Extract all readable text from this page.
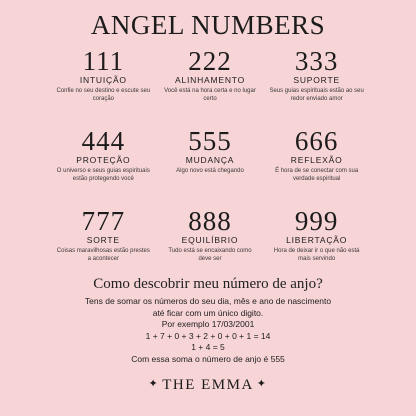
ANGEL NUMBERS
111
INTUIÇÃO
Confie no seu destino e escute seu coração
222
ALINHAMENTO
Você está na hora certa e no lugar certo
333
SUPORTE
Seus guias espirituais estão ao seu redor enviado amor
444
PROTEÇÃO
O universo e seus guias espirituais estão protegendo você
555
MUDANÇA
Algo novo está chegando
666
REFLEXÃO
É hora de se conectar com sua verdade espiritual
777
SORTE
Coisas maravilhosas estão prestes a acontecer
888
EQUILÍBRIO
Tudo está se encaixando como deve ser
999
LIBERTAÇÃO
Hora de deixar ir o que não está mais servindo
Como descobrir meu número de anjo?
Tens de somar os números do seu dia, mês e ano de nascimento até ficar com um único digito.
Por exemplo 17/03/2001
1 + 7 + 0 + 3 + 2 + 0 + 0 + 1 = 14
1 + 4 = 5
Com essa soma o número de anjo é 555
✦ THE EMMA ✦
